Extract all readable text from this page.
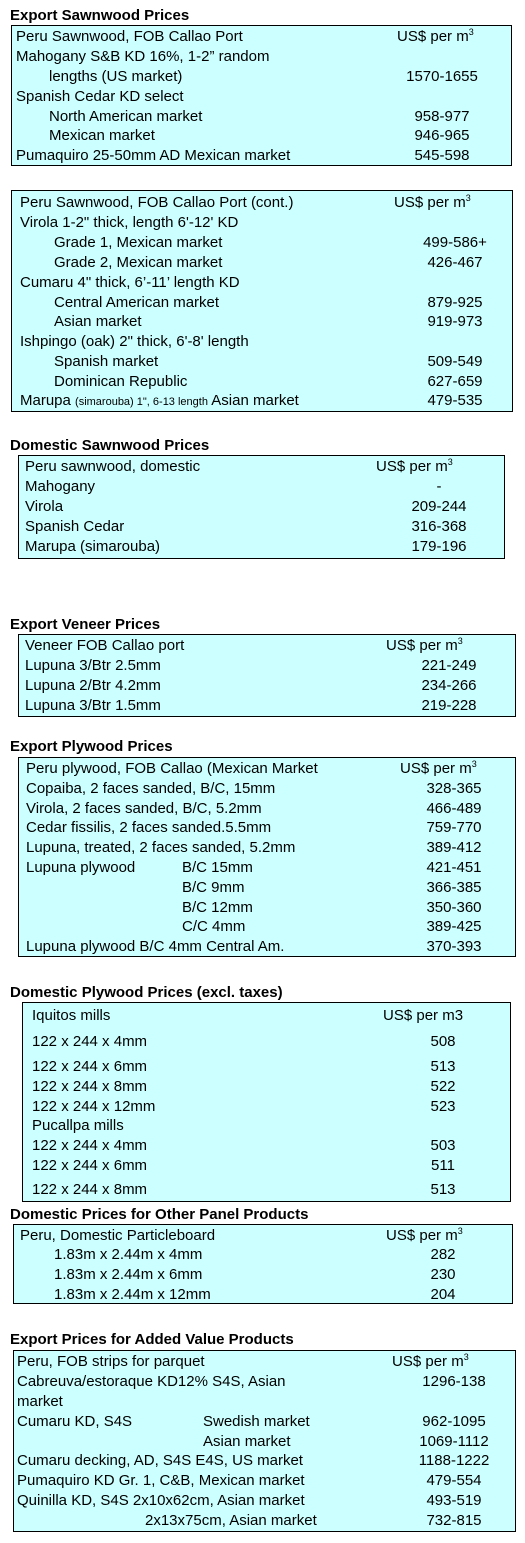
Export Sawnwood Prices
Peru Sawnwood, FOB Callao Port	US$ per $m^3$
Mahogany S&B KD 16%, 1-2” random
lengths (US market)	1570-1655
Spanish Cedar KD select
North American market	958-977
Mexican market	946-965
Pumaquiro 25-50mm AD Mexican market	545-598
Peru Sawnwood, FOB Callao Port (cont.)	US$ per $m^3$
Virola 1-2" thick, length 6'-12' KD
Grade 1, Mexican market	499-586+
Grade 2, Mexican market	426-467
Cumaru 4" thick, 6’-11’ length KD
Central American market	879-925
Asian market	919-973
Ishpingo (oak) 2" thick, 6'-8' length
Spanish market	509-549
Dominican Republic	627-659
Marupa (simarouba) 1", 6-13 length Asian market	479-535
Domestic Sawnwood Prices
Peru sawnwood, domestic	US$ per $m^3$
Mahogany	-
Virola	209-244
Spanish Cedar	316-368
Marupa (simarouba)	179-196
Export Veneer Prices
Veneer FOB Callao port	US$ per $m^3$
Lupuna 3/Btr 2.5mm	221-249
Lupuna 2/Btr 4.2mm	234-266
Lupuna 3/Btr 1.5mm	219-228
Export Plywood Prices
Peru plywood, FOB Callao (Mexican Market	US$ per $m^3$
Copaiba, 2 faces sanded, B/C, 15mm	328-365
Virola, 2 faces sanded, B/C, 5.2mm	466-489
Cedar fissilis, 2 faces sanded.5.5mm	759-770
Lupuna, treated, 2 faces sanded, 5.2mm	389-412
Lupuna plywood	B/C 15mm	421-451
B/C 9mm	366-385
B/C 12mm	350-360
C/C 4mm	389-425
Lupuna plywood B/C 4mm Central Am.	370-393
Domestic Plywood Prices (excl. taxes)
Iquitos mills	US$ per m3
122 x 244 x 4mm	508
122 x 244 x 6mm	513
122 x 244 x 8mm	522
122 x 244 x 12mm	523
Pucallpa mills
122 x 244 x 4mm	503
122 x 244 x 6mm	511
122 x 244 x 8mm	513
Domestic Prices for Other Panel Products
Peru, Domestic Particleboard	US$ per $m^3$
1.83m x 2.44m x 4mm	282
1.83m x 2.44m x 6mm	230
1.83m x 2.44m x 12mm	204
Export Prices for Added Value Products
Peru, FOB strips for parquet	US$ per $m^3$
Cabreuva/estoraque KD12% S4S, Asian	1296-138
market
Cumaru KD, S4S	Swedish market	962-1095
Asian market	1069-1112
Cumaru decking, AD, S4S E4S, US market	1188-1222
Pumaquiro KD Gr. 1, C&B, Mexican market	479-554
Quinilla KD, S4S 2x10x62cm, Asian market	493-519
2x13x75cm, Asian market	732-815
